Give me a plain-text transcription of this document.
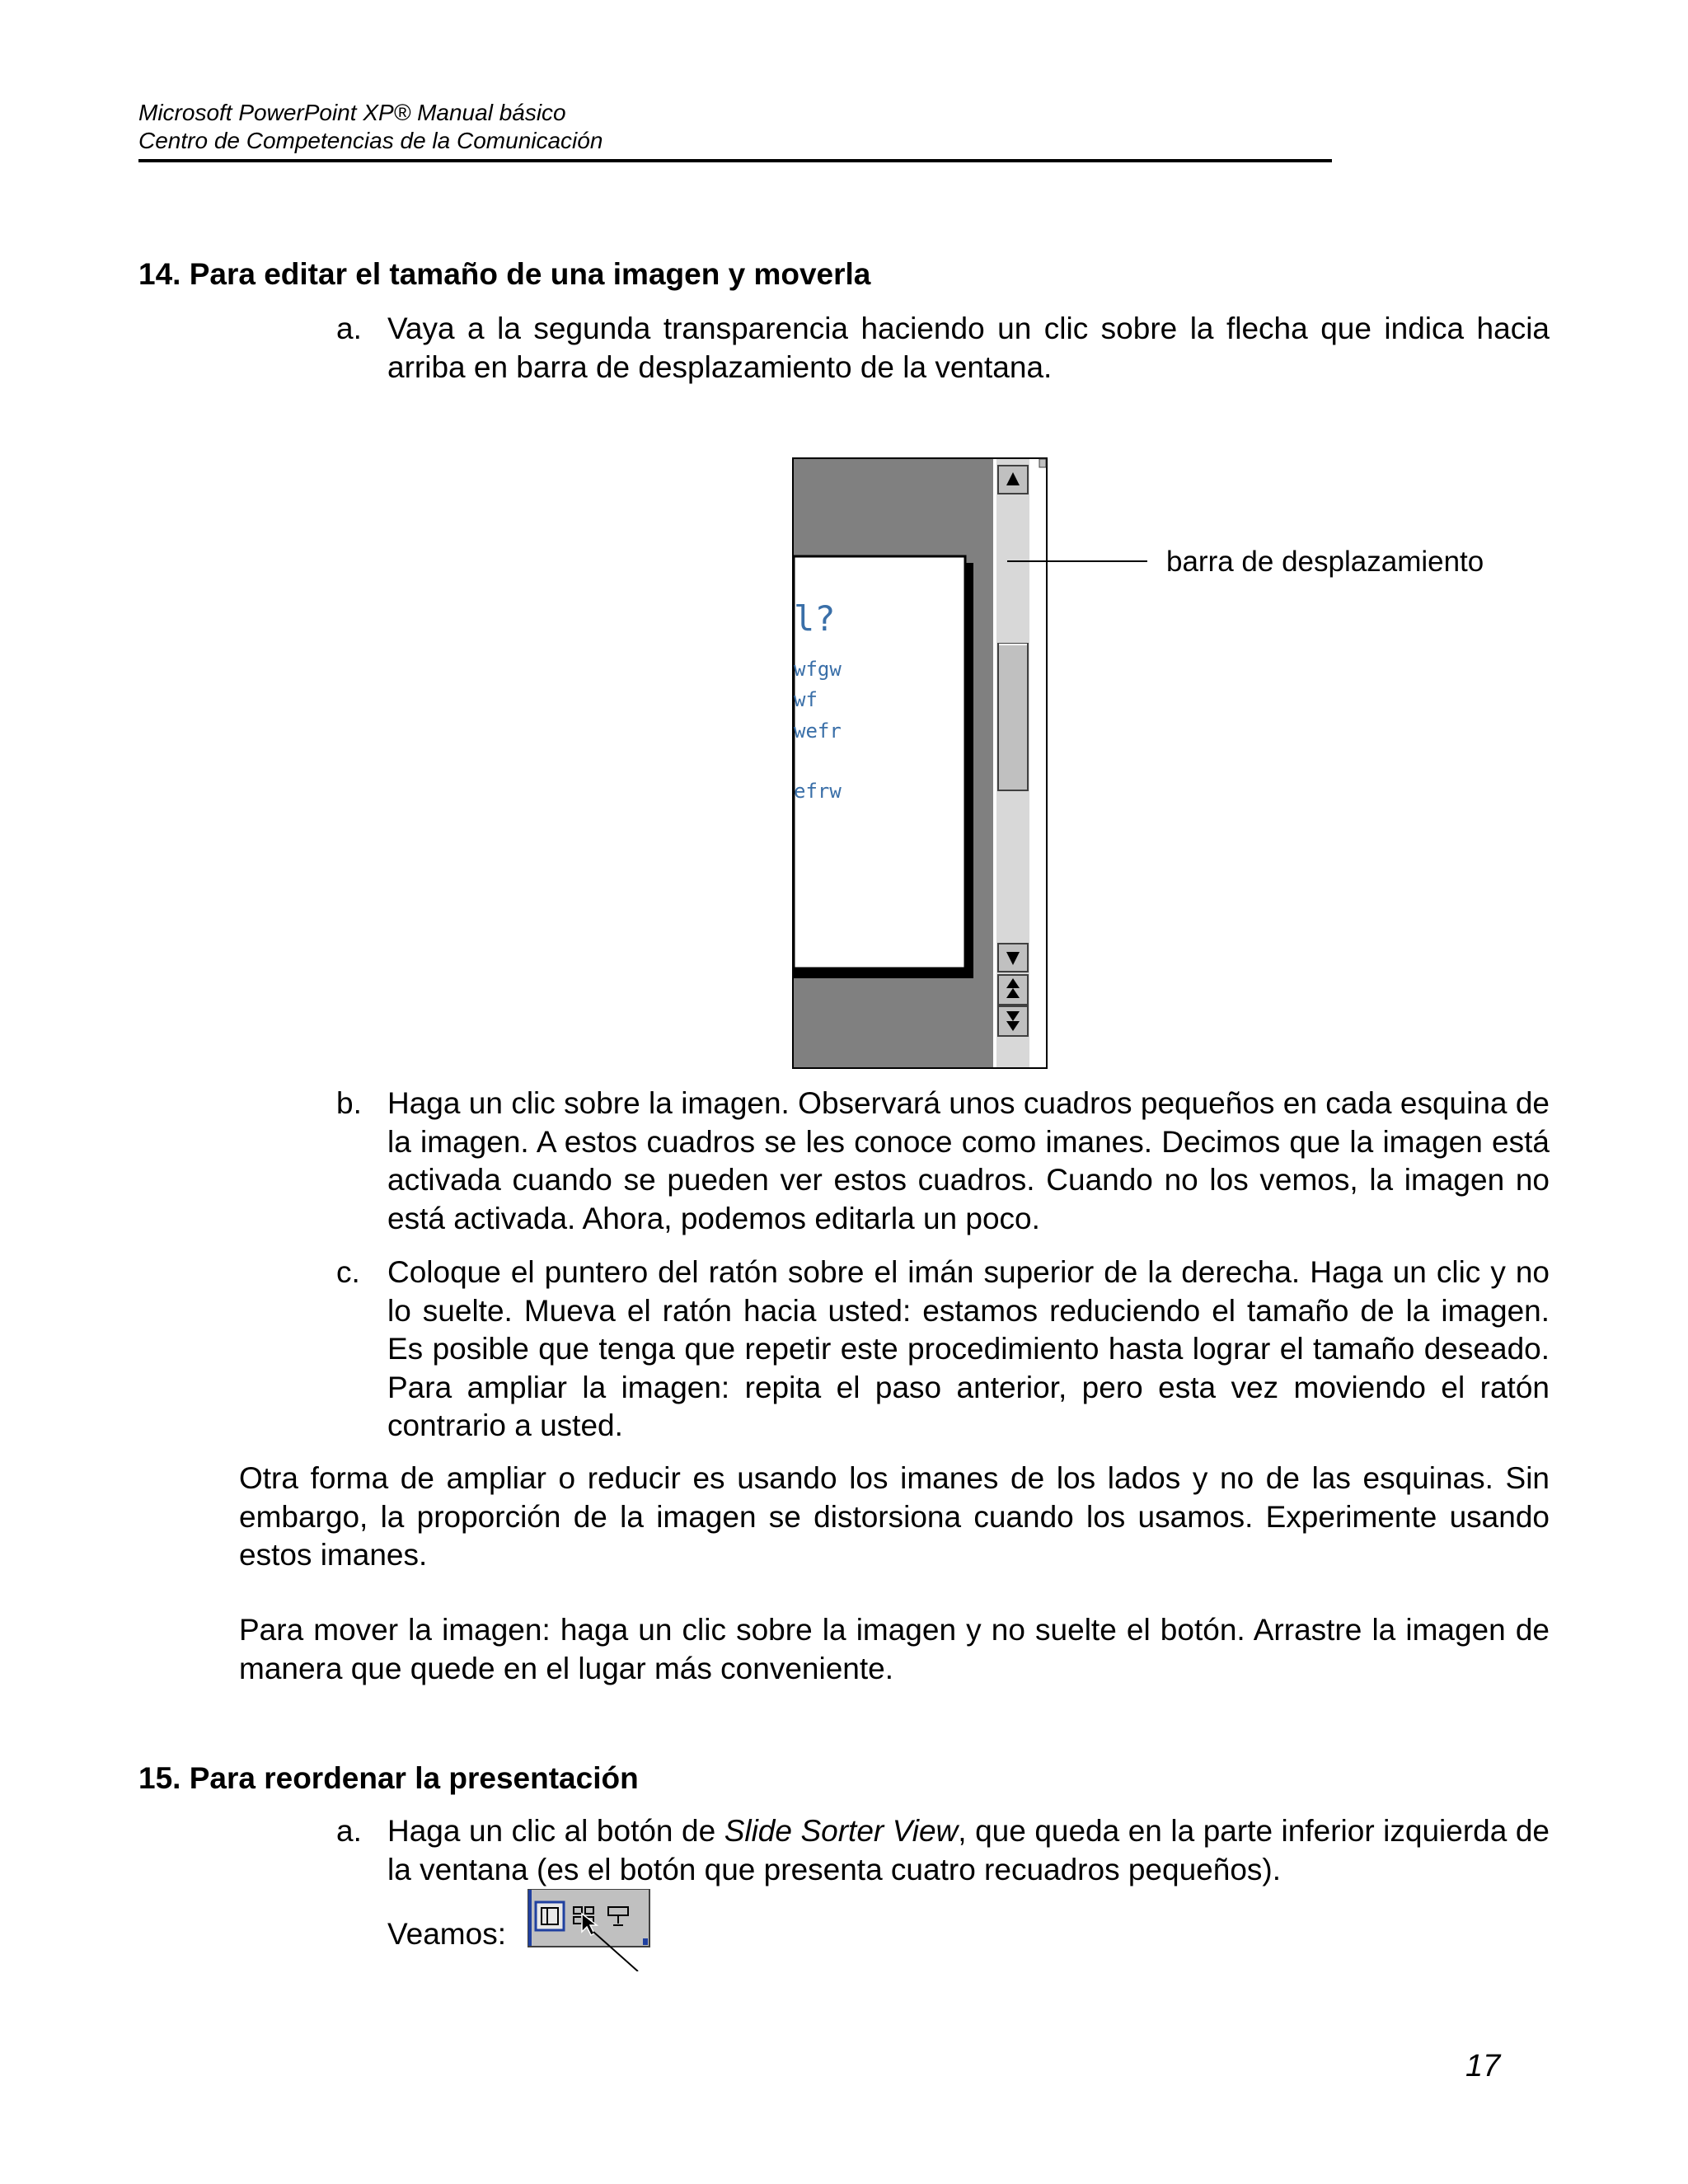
Microsoft PowerPoint XP® Manual básico
Centro de Competencias de la Comunicación
14. Para editar el tamaño de una imagen y moverla
a. Vaya a la segunda transparencia haciendo un clic sobre la flecha que indica hacia arriba en barra de desplazamiento de la ventana.
l?
wfgw
wf
wefr
efrw
barra de desplazamiento
b. Haga un clic sobre la imagen. Observará unos cuadros pequeños en cada esquina de la imagen. A estos cuadros se les conoce como imanes. Decimos que la imagen está activada cuando se pueden ver estos cuadros. Cuando no los vemos, la imagen no está activada. Ahora, podemos editarla un poco.
c. Coloque el puntero del ratón sobre el imán superior de la derecha. Haga un clic y no lo suelte. Mueva el ratón hacia usted: estamos reduciendo el tamaño de la imagen. Es posible que tenga que repetir este procedimiento hasta lograr el tamaño deseado. Para ampliar la imagen: repita el paso anterior, pero esta vez moviendo el ratón contrario a usted.
Otra forma de ampliar o reducir es usando los imanes de los lados y no de las esquinas. Sin embargo, la proporción de la imagen se distorsiona cuando los usamos. Experimente usando estos imanes.
Para mover la imagen: haga un clic sobre la imagen y no suelte el botón. Arrastre la imagen de manera que quede en el lugar más conveniente.
15. Para reordenar la presentación
a. Haga un clic al botón de Slide Sorter View, que queda en la parte inferior izquierda de la ventana (es el botón que presenta cuatro recuadros pequeños).
Veamos:
17
